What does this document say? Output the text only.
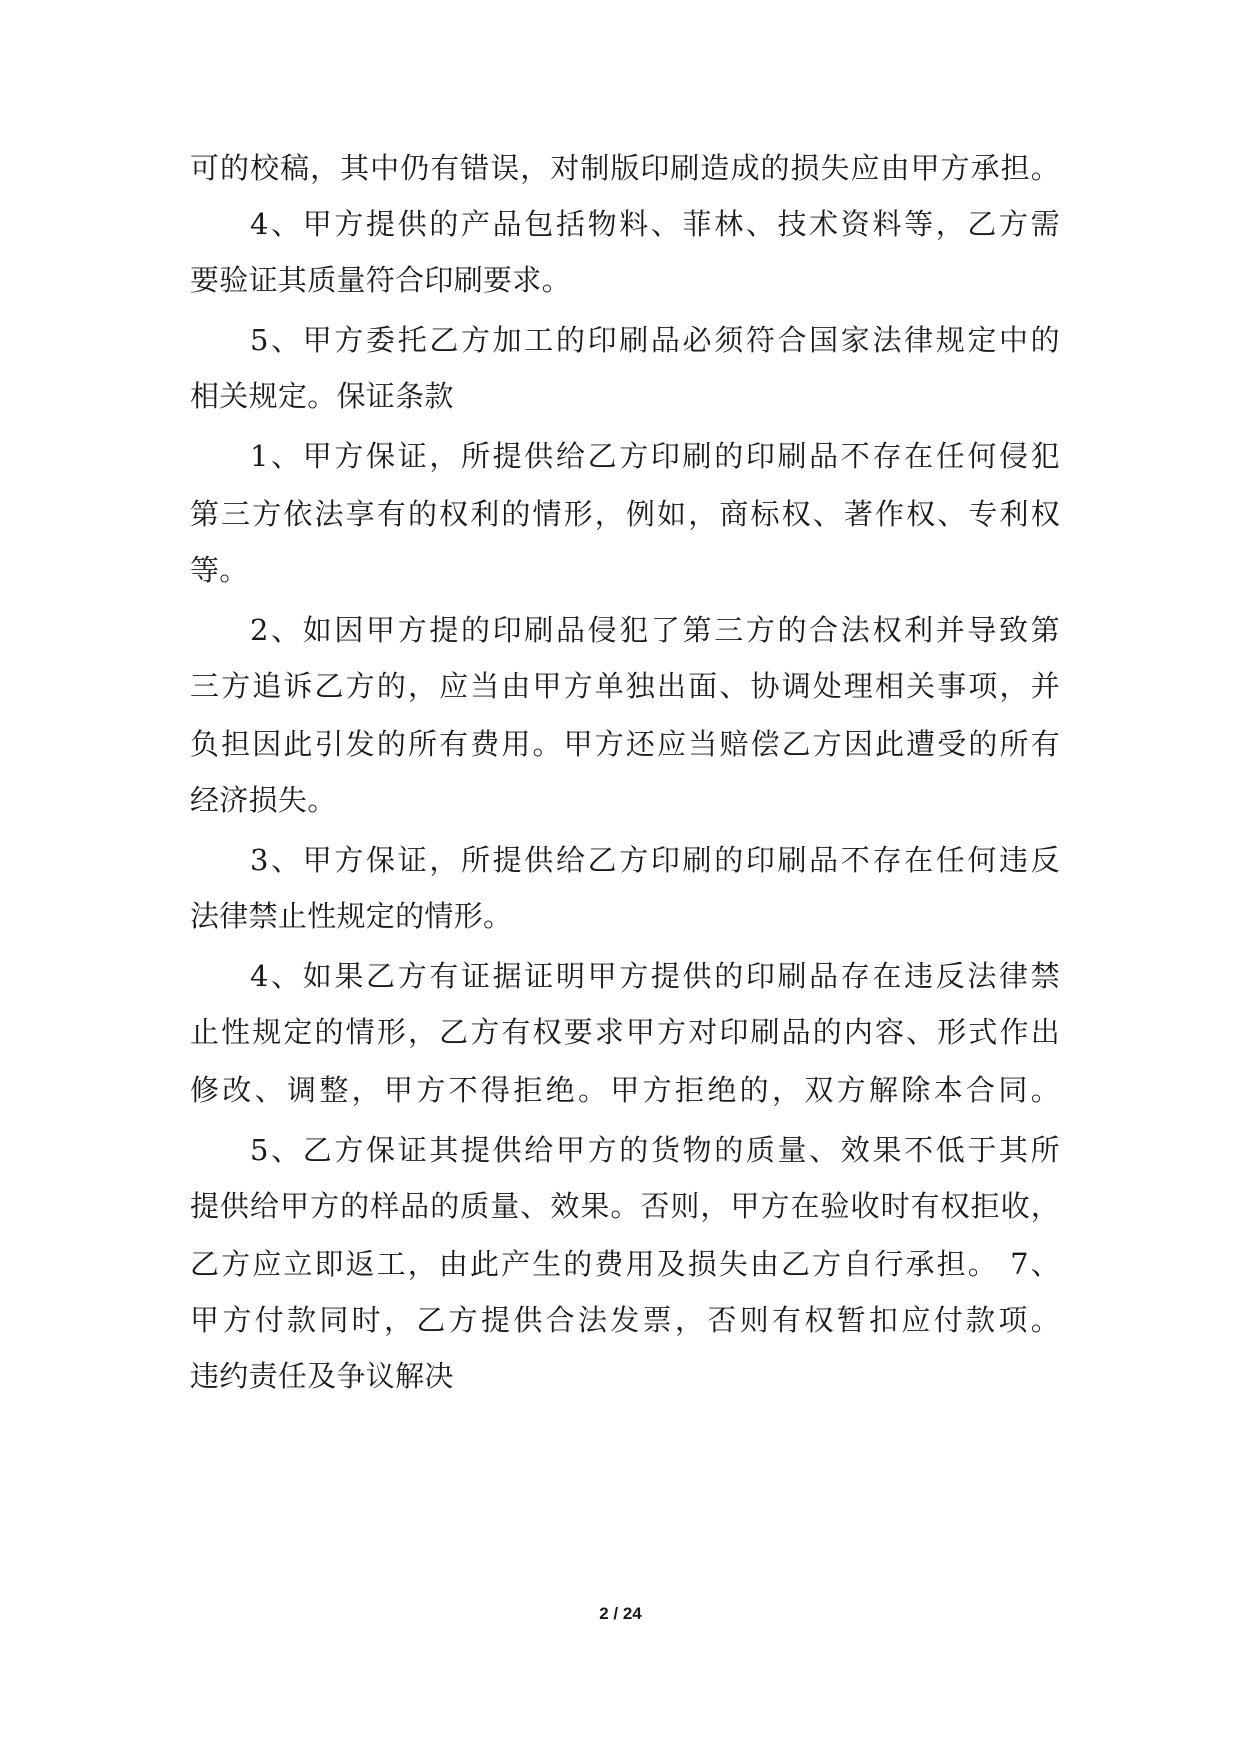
可的校稿，其中仍有错误，对制版印刷造成的损失应由甲方承担。
4、甲方提供的产品包括物料、菲林、技术资料等，乙方需
要验证其质量符合印刷要求。
5、甲方委托乙方加工的印刷品必须符合国家法律规定中的
相关规定。保证条款
1、甲方保证，所提供给乙方印刷的印刷品不存在任何侵犯
第三方依法享有的权利的情形，例如，商标权、著作权、专利权
等。
2、如因甲方提的印刷品侵犯了第三方的合法权利并导致第
三方追诉乙方的，应当由甲方单独出面、协调处理相关事项，并
负担因此引发的所有费用。甲方还应当赔偿乙方因此遭受的所有
经济损失。
3、甲方保证，所提供给乙方印刷的印刷品不存在任何违反
法律禁止性规定的情形。
4、如果乙方有证据证明甲方提供的印刷品存在违反法律禁
止性规定的情形，乙方有权要求甲方对印刷品的内容、形式作出
修改、调整，甲方不得拒绝。甲方拒绝的，双方解除本合同。
5、乙方保证其提供给甲方的货物的质量、效果不低于其所
提供给甲方的样品的质量、效果。否则，甲方在验收时有权拒收，
乙方应立即返工，由此产生的费用及损失由乙方自行承担。 7、
甲方付款同时，乙方提供合法发票，否则有权暂扣应付款项。
违约责任及争议解决
2 / 24
